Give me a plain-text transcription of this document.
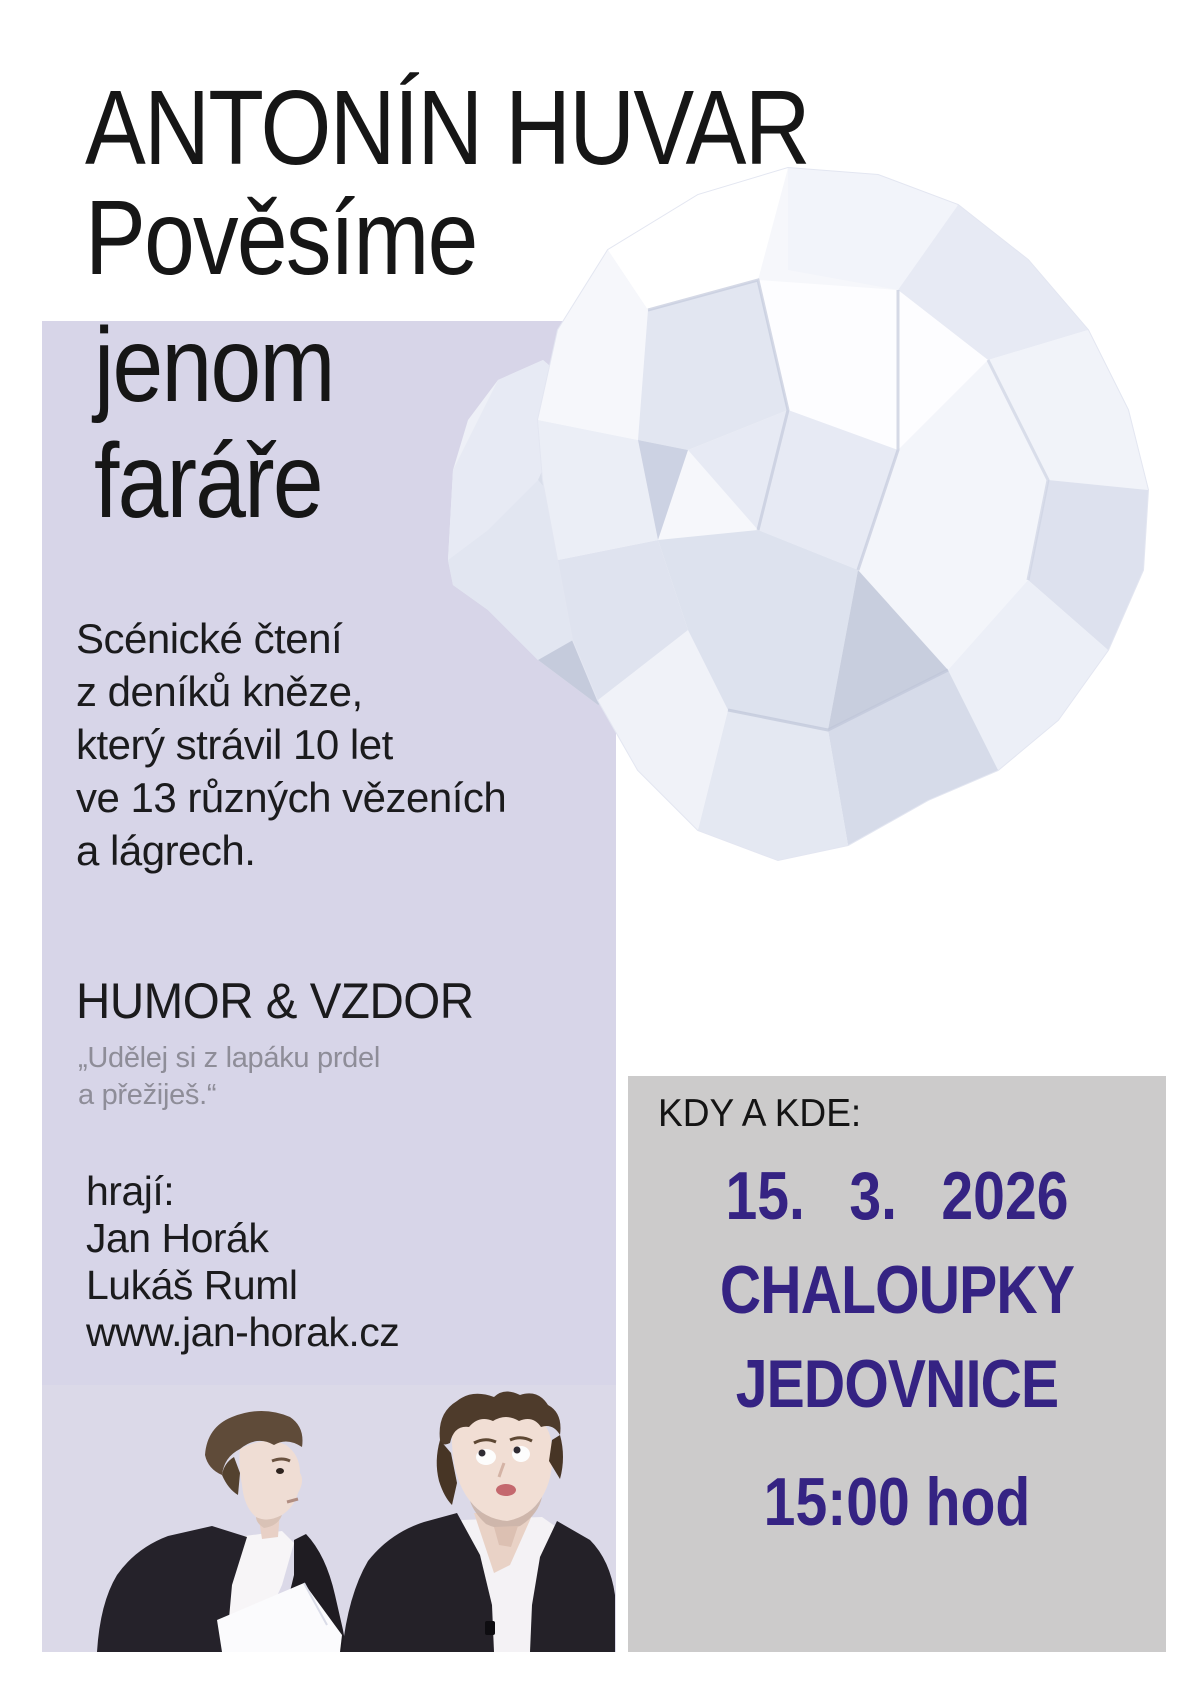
ANTONÍN HUVAR
Pověsíme
jenom
faráře
Scénické čtení
z deníků kněze,
který strávil 10 let
ve 13 různých vězeních
a lágrech.
HUMOR & VZDOR
„Udělej si z lapáku prdel
a přežiješ.“
hrají:
Jan Horák
Lukáš Ruml
www.jan-horak.cz
KDY A KDE:
15. 3. 2026
CHALOUPKY
JEDOVNICE
15:00 hod
